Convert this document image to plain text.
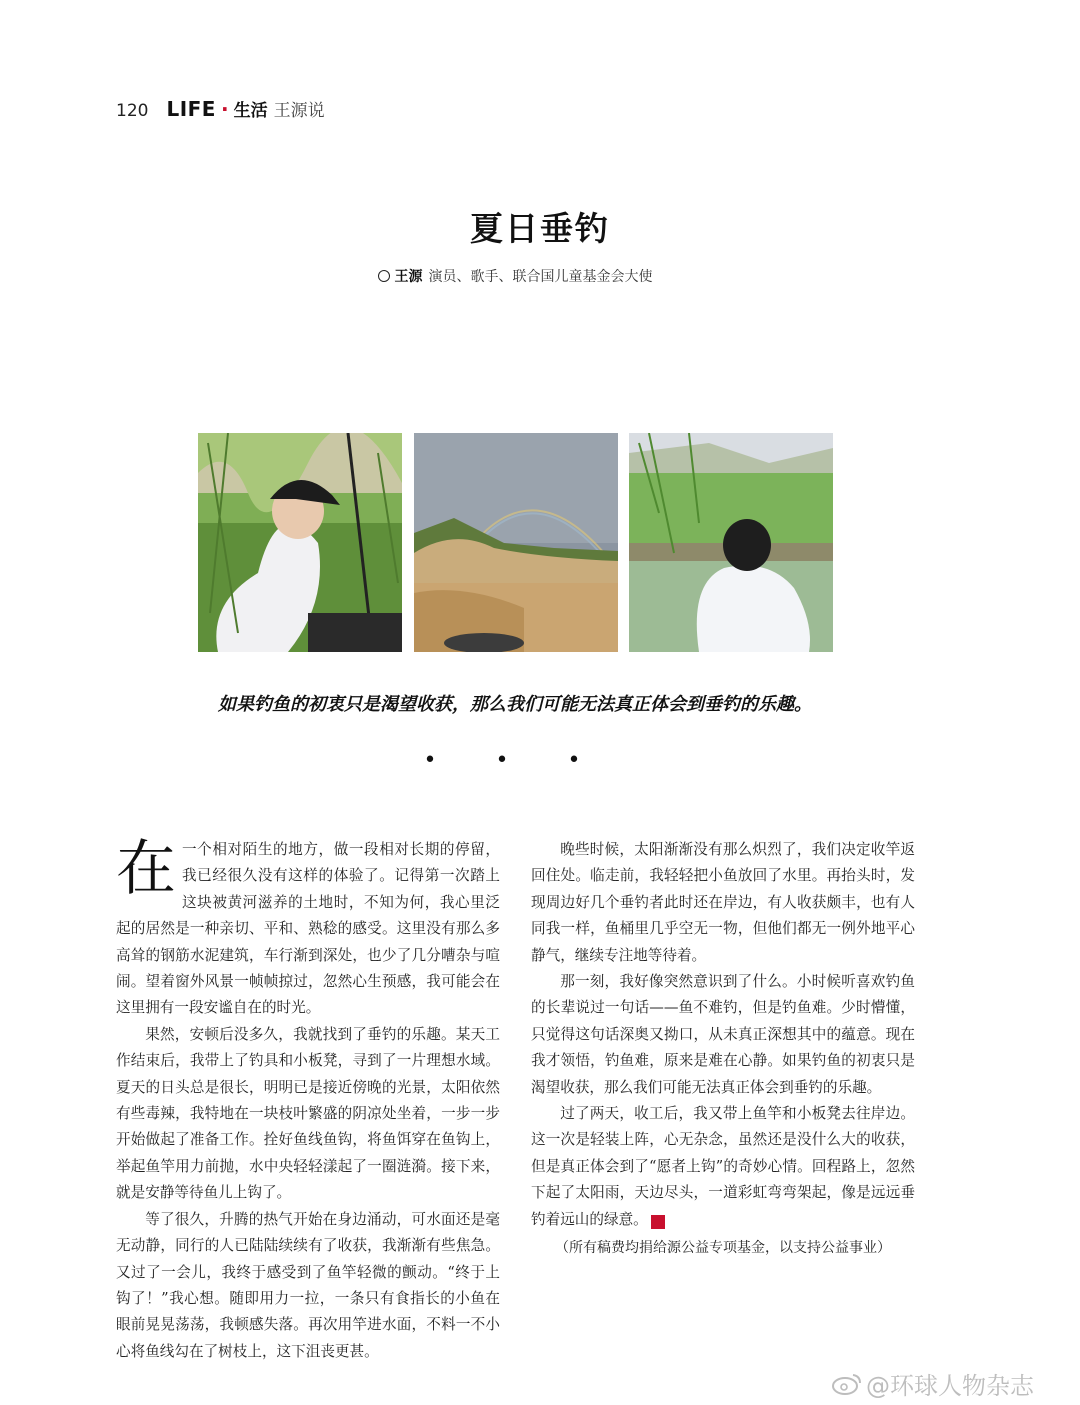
120 LIFE · 生活 王源说
夏日垂钓
王源 演员、歌手、联合国儿童基金会大使
如果钓鱼的初衷只是渴望收获，那么我们可能无法真正体会到垂钓的乐趣。
• • •

在一个相对陌生的地方，做一段相对长期的停留，我已经很久没有这样的体验了。记得第一次踏上这块被黄河滋养的土地时，不知为何，我心里泛起的居然是一种亲切、平和、熟稔的感受。这里没有那么多高耸的钢筋水泥建筑，车行渐到深处，也少了几分嘈杂与喧闹。望着窗外风景一帧帧掠过，忽然心生预感，我可能会在这里拥有一段安谧自在的时光。

果然，安顿后没多久，我就找到了垂钓的乐趣。某天工作结束后，我带上了钓具和小板凳，寻到了一片理想水域。夏天的日头总是很长，明明已是接近傍晚的光景，太阳依然有些毒辣，我特地在一块枝叶繁盛的阴凉处坐着，一步一步开始做起了准备工作。拴好鱼线鱼钩，将鱼饵穿在鱼钩上，举起鱼竿用力前抛，水中央轻轻漾起了一圈涟漪。接下来，就是安静等待鱼儿上钩了。

等了很久，升腾的热气开始在身边涌动，可水面还是毫无动静，同行的人已陆陆续续有了收获，我渐渐有些焦急。又过了一会儿，我终于感受到了鱼竿轻微的颤动。“终于上钩了！”我心想。随即用力一拉，一条只有食指长的小鱼在眼前晃晃荡荡，我顿感失落。再次用竿进水面，不料一不小心将鱼线勾在了树枝上，这下沮丧更甚。

晚些时候，太阳渐渐没有那么炽烈了，我们决定收竿返回住处。临走前，我轻轻把小鱼放回了水里。再抬头时，发现周边好几个垂钓者此时还在岸边，有人收获颇丰，也有人同我一样，鱼桶里几乎空无一物，但他们都无一例外地平心静气，继续专注地等待着。

那一刻，我好像突然意识到了什么。小时候听喜欢钓鱼的长辈说过一句话——鱼不难钓，但是钓鱼难。少时懵懂，只觉得这句话深奥又拗口，从未真正深想其中的蕴意。现在我才领悟，钓鱼难，原来是难在心静。如果钓鱼的初衷只是渴望收获，那么我们可能无法真正体会到垂钓的乐趣。

过了两天，收工后，我又带上鱼竿和小板凳去往岸边。这一次是轻装上阵，心无杂念，虽然还是没什么大的收获，但是真正体会到了“愿者上钩”的奇妙心情。回程路上，忽然下起了太阳雨，天边尽头，一道彩虹弯弯架起，像是远远垂钓着远山的绿意。	G

（所有稿费均捐给源公益专项基金，以支持公益事业）

@环球人物杂志
